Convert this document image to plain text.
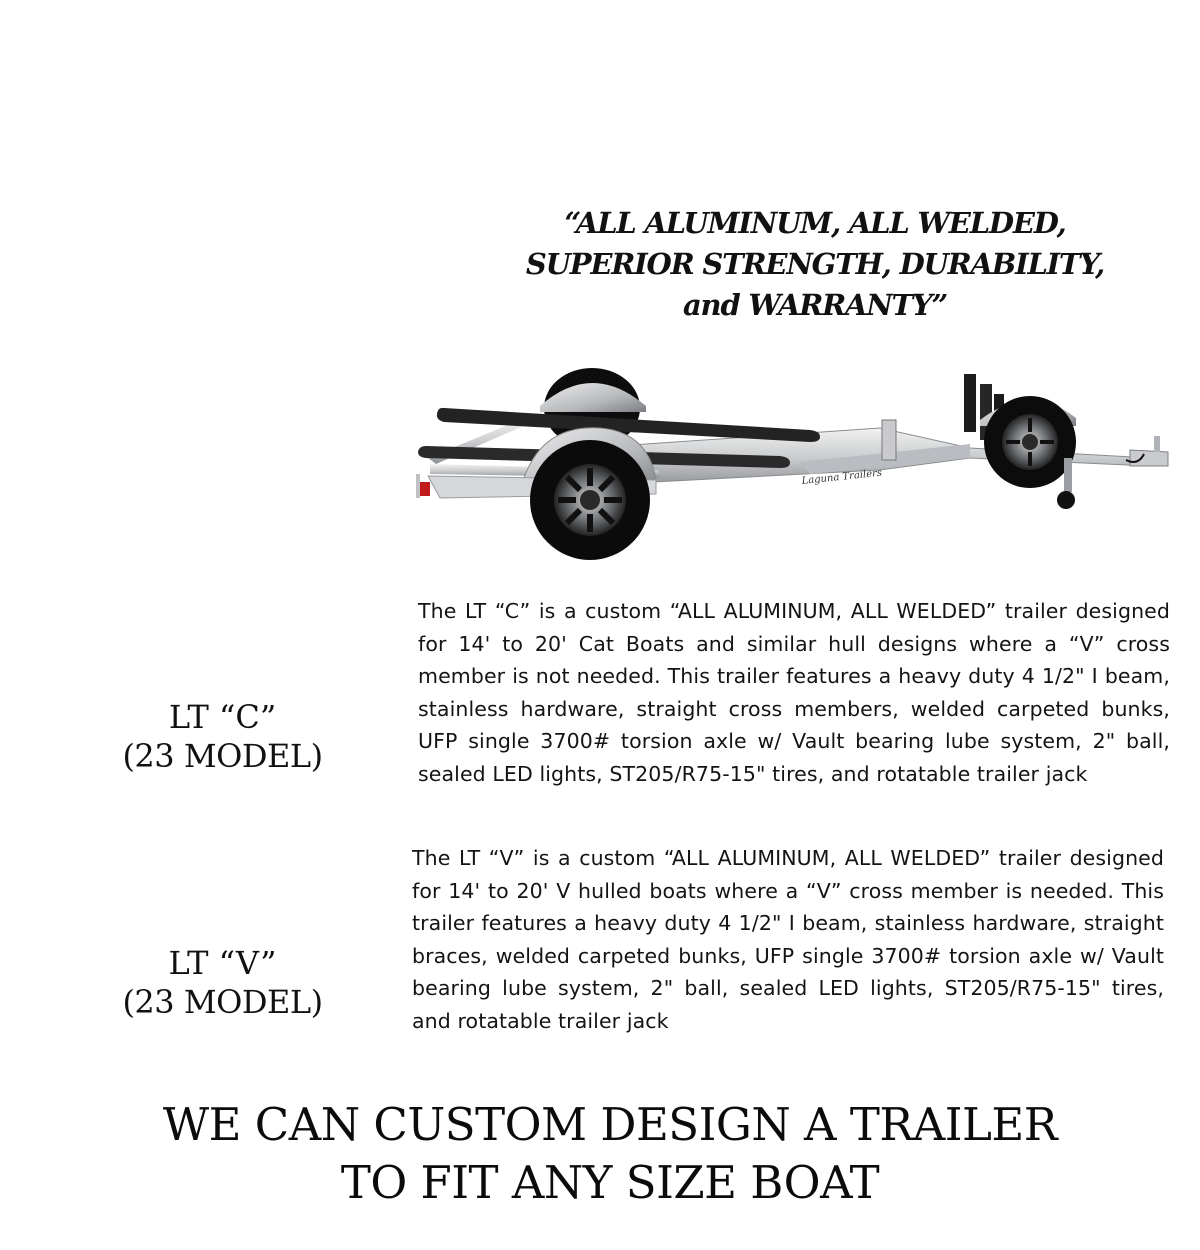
“ALL ALUMINUM, ALL WELDED,
SUPERIOR STRENGTH, DURABILITY,
and WARRANTY”
Laguna Trailers
LT “C”
(23 MODEL)

The LT “C” is a custom “ALL ALUMINUM, ALL WELDED” trailer designed for 14' to 20' Cat Boats and similar hull designs where a “V” cross member is not needed. This trailer features a heavy duty 4 1/2" I beam, stainless hardware, straight cross members, welded carpeted bunks, UFP single 3700# torsion axle w/ Vault bearing lube system, 2" ball, sealed LED lights, ST205/R75-15" tires, and rotatable trailer jack

LT “V”
(23 MODEL)

The LT “V” is a custom “ALL ALUMINUM, ALL WELDED” trailer designed for 14' to 20' V hulled boats where a “V” cross member is needed. This trailer features a heavy duty 4 1/2" I beam, stainless hardware, straight braces, welded carpeted bunks, UFP single 3700# torsion axle w/ Vault bearing lube system, 2" ball, sealed LED lights, ST205/R75-15" tires, and rotatable trailer jack

WE CAN CUSTOM DESIGN A TRAILER
TO FIT ANY SIZE BOAT
